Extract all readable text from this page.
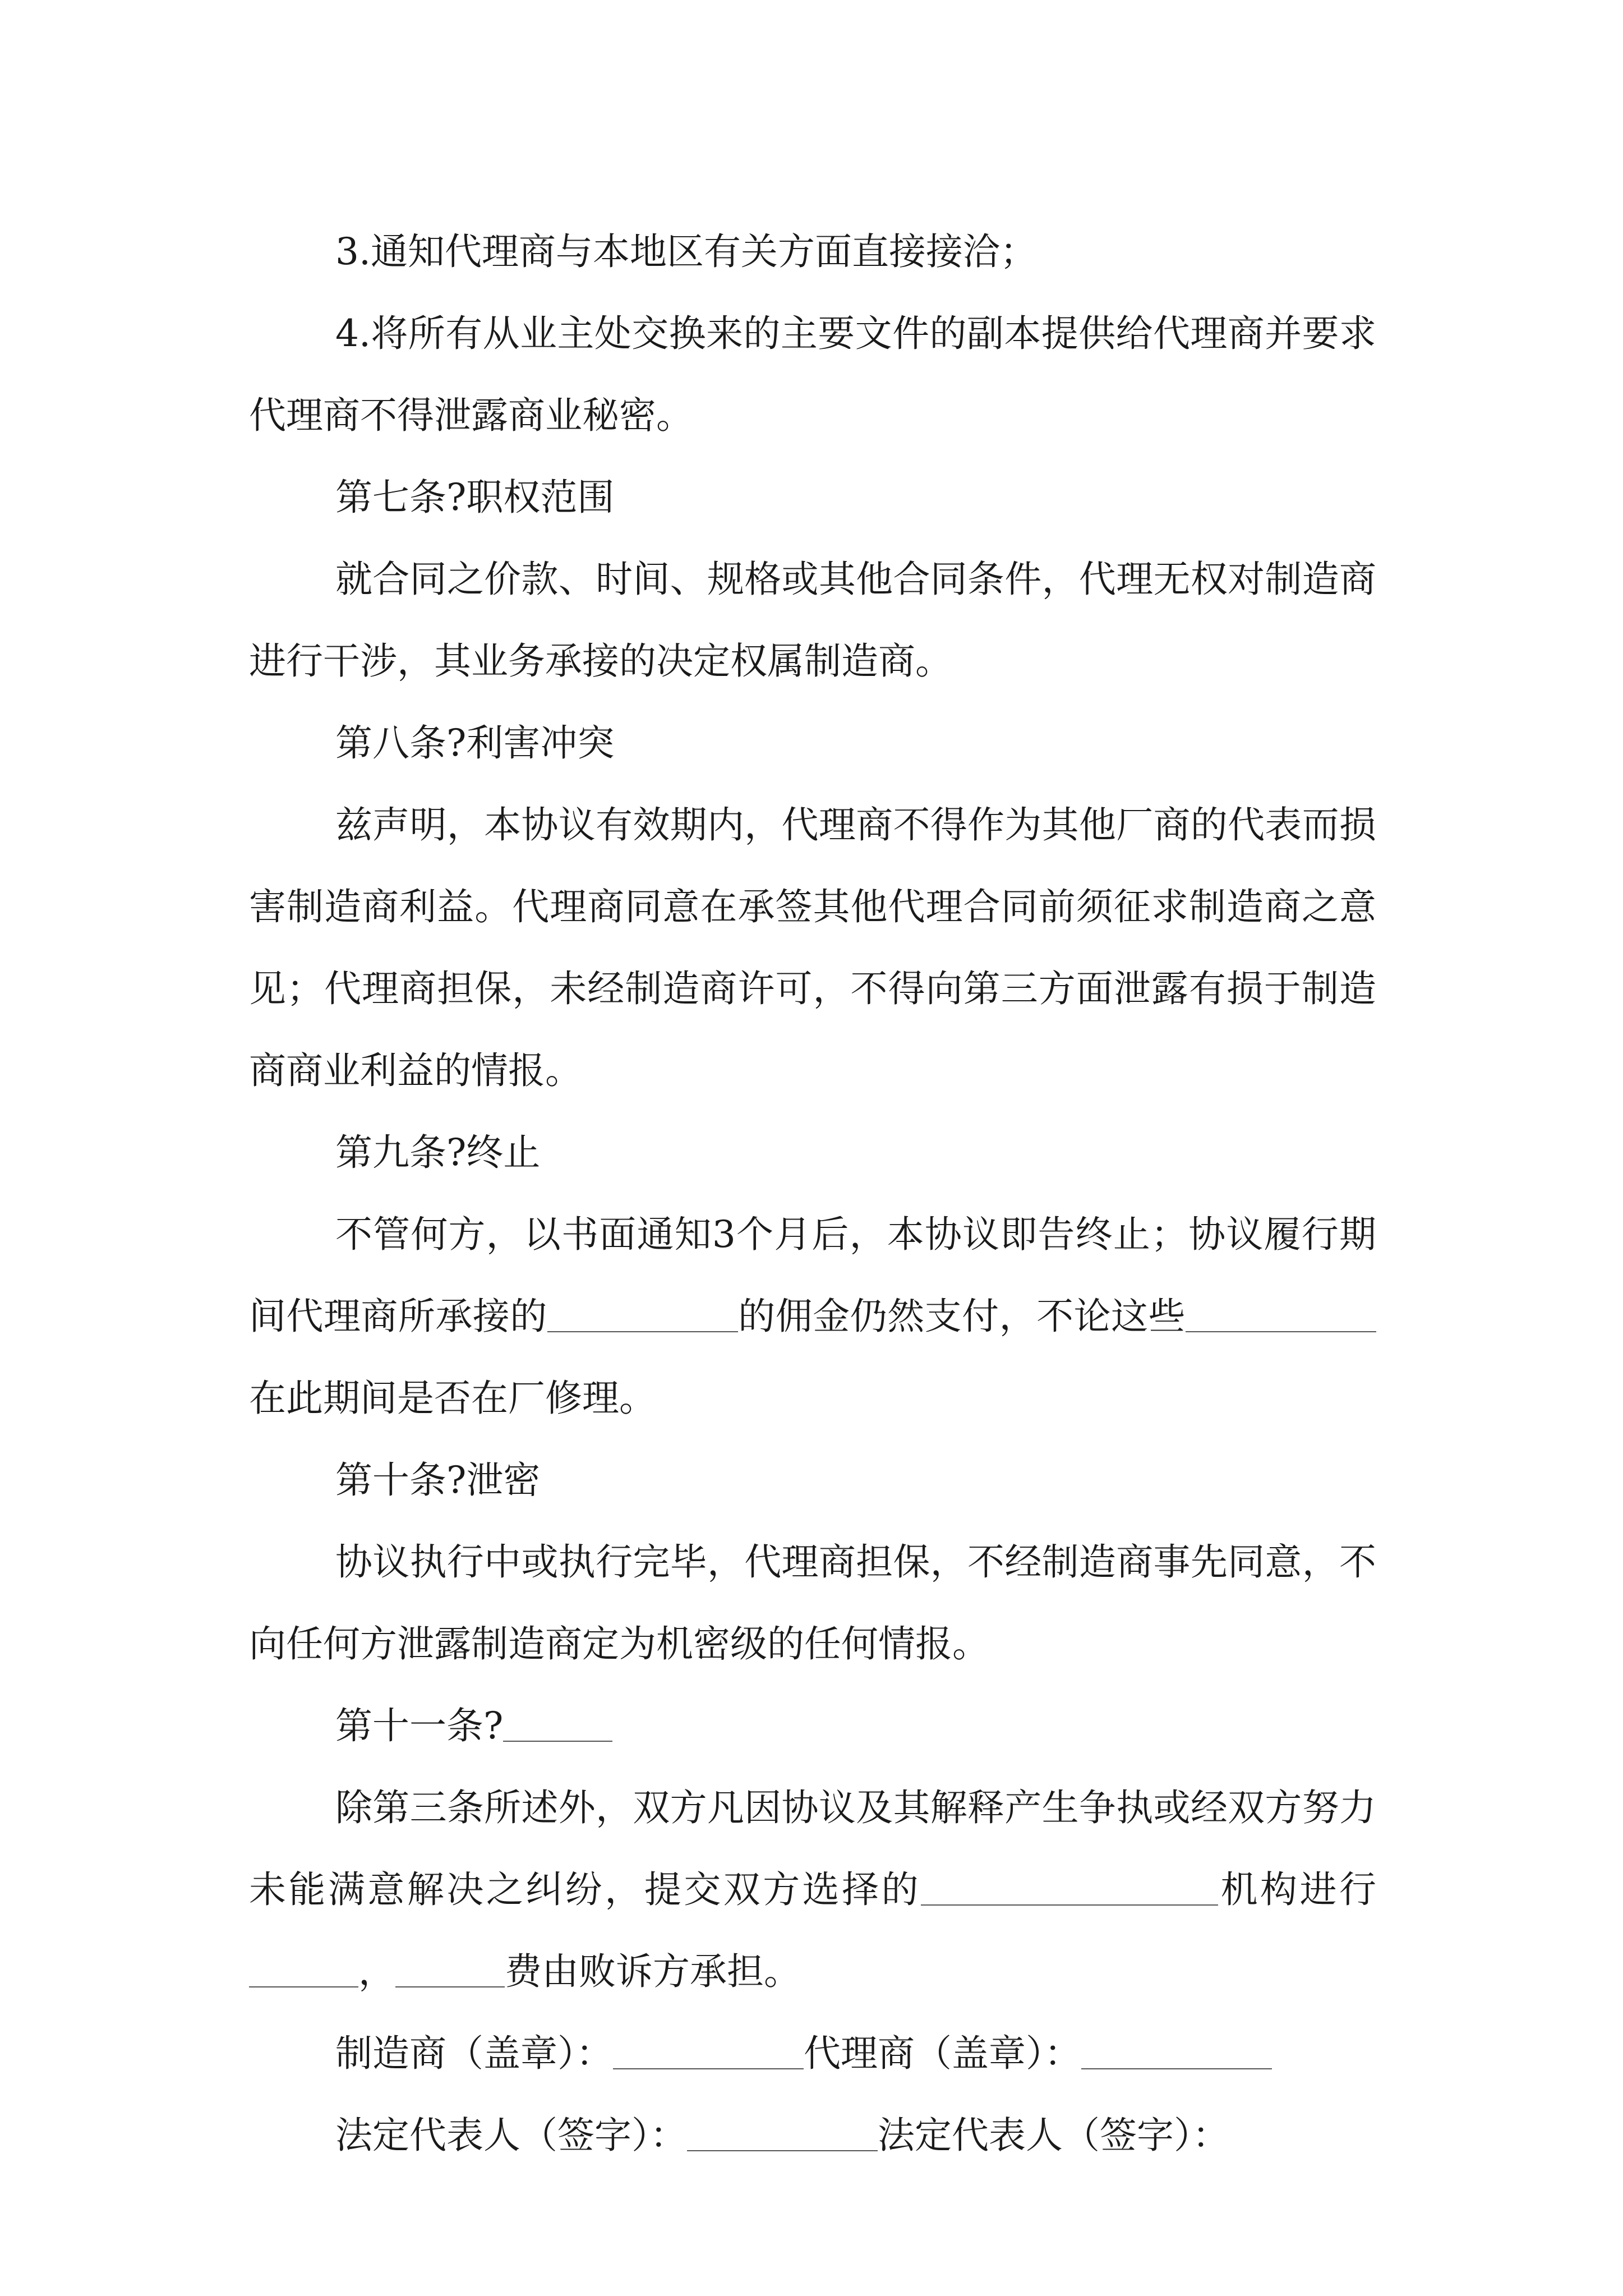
3.通知代理商与本地区有关方面直接接洽；

4.将所有从业主处交换来的主要文件的副本提供给代理商并要求代理商不得泄露商业秘密。

第七条?职权范围

就合同之价款、时间、规格或其他合同条件，代理无权对制造商进行干涉，其业务承接的决定权属制造商。

第八条?利害冲突

兹声明，本协议有效期内，代理商不得作为其他厂商的代表而损害制造商利益。代理商同意在承签其他代理合同前须征求制造商之意见；代理商担保，未经制造商许可，不得向第三方面泄露有损于制造商商业利益的情报。

第九条?终止

不管何方，以书面通知3个月后，本协议即告终止；协议履行期间代理商所承接的	的佣金仍然支付，不论这些在此期间是否在厂修理。

第十条?泄密

协议执行中或执行完毕，代理商担保，不经制造商事先同意，不向任何方泄露制造商定为机密级的任何情报。

第十一条?

除第三条所述外，双方凡因协议及其解释产生争执或经双方努力未能满意解决之纠纷，提交双方选择的	机构进行，	费由败诉方承担。

制造商（盖章）：	代理商（盖章）：

法定代表人（签字）：	法定代表人（签字）：
